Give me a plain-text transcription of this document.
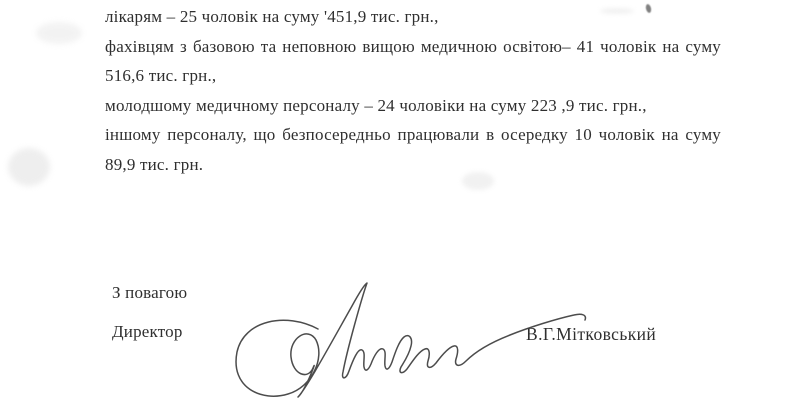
лікарям – 25 чоловік на суму '451,9 тис. грн.,
фахівцям з базовою та неповною вищою медичною освітою– 41 чоловік на суму
516,6 тис. грн.,
молодшому медичному персоналу – 24 чоловіки на суму 223 ,9 тис. грн.,
іншому персоналу, що безпосередньо працювали в осередку 10 чоловік на суму
89,9 тис. грн.
З повагою
Директор	В.Г.Мітковський
